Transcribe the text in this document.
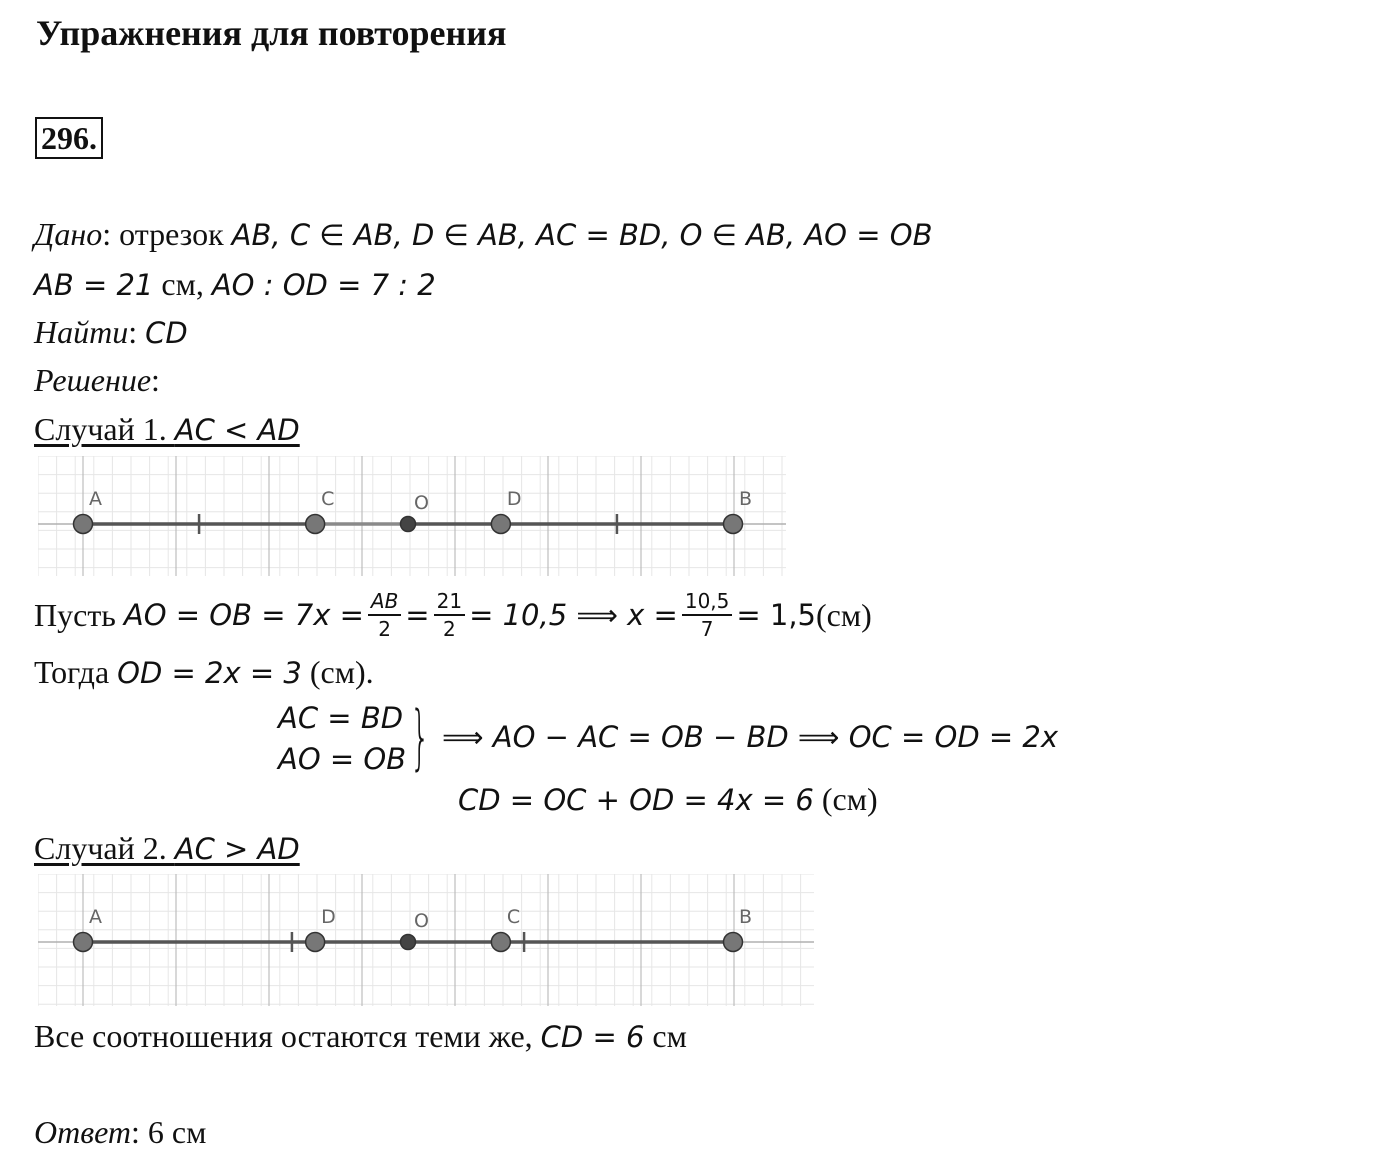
Упражнения для повторения
296.
Дано: отрезок AB, C ∈ AB, D ∈ AB, AC = BD, O ∈ AB, AO = OB
AB = 21 см, AO : OD = 7 : 2
Найти: CD
Решение:
Случай 1. AC < AD
A	C	O	D	B
Пусть
AO = OB = $7x = \frac{AB}{2} = \frac{21}{2} = 10,5$ ⟹ $x = \frac{10,5}{7} = 1,5$ (см)
Тогда OD = 2x = 3 (см).
AC = BD
AO = OB } ⟹ AO − AC = OB − BD ⟹ OC = OD = 2x
CD = OC + OD = 4x = 6 (см)
Случай 2. AC > AD
A	D	O	C	B
Все соотношения остаются теми же, CD = 6 см
Ответ: 6 см
